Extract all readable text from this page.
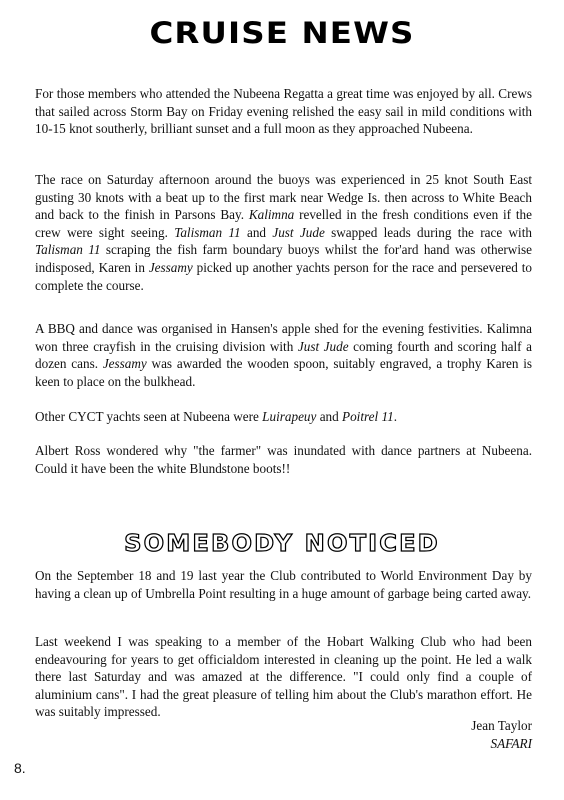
CRUISE NEWS

For those members who attended the Nubeena Regatta a great time was enjoyed by all. Crews that sailed across Storm Bay on Friday evening relished the easy sail in mild conditions with 10-15 knot southerly, brilliant sunset and a full moon as they approached Nubeena.

The race on Saturday afternoon around the buoys was experienced in 25 knot South East gusting 30 knots with a beat up to the first mark near Wedge Is. then across to White Beach and back to the finish in Parsons Bay. Kalimna revelled in the fresh conditions even if the crew were sight seeing. Talisman 11 and Just Jude swapped leads during the race with Talisman 11 scraping the fish farm boundary buoys whilst the for'ard hand was otherwise indisposed, Karen in Jessamy picked up another yachts person for the race and persevered to complete the course.

A BBQ and dance was organised in Hansen's apple shed for the evening festivities. Kalimna won three crayfish in the cruising division with Just Jude coming fourth and scoring half a dozen cans. Jessamy was awarded the wooden spoon, suitably engraved, a trophy Karen is keen to place on the bulkhead.

Other CYCT yachts seen at Nubeena were Luirapeuy and Poitrel 11.

Albert Ross wondered why "the farmer" was inundated with dance partners at Nubeena. Could it have been the white Blundstone boots!!

SOMEBODY NOTICED

On the September 18 and 19 last year the Club contributed to World Environment Day by having a clean up of Umbrella Point resulting in a huge amount of garbage being carted away.

Last weekend I was speaking to a member of the Hobart Walking Club who had been endeavouring for years to get officialdom interested in cleaning up the point. He led a walk there last Saturday and was amazed at the difference. "I could only find a couple of aluminium cans". I had the great pleasure of telling him about the Club's marathon effort. He was suitably impressed.

Jean Taylor
SAFARI
8.
